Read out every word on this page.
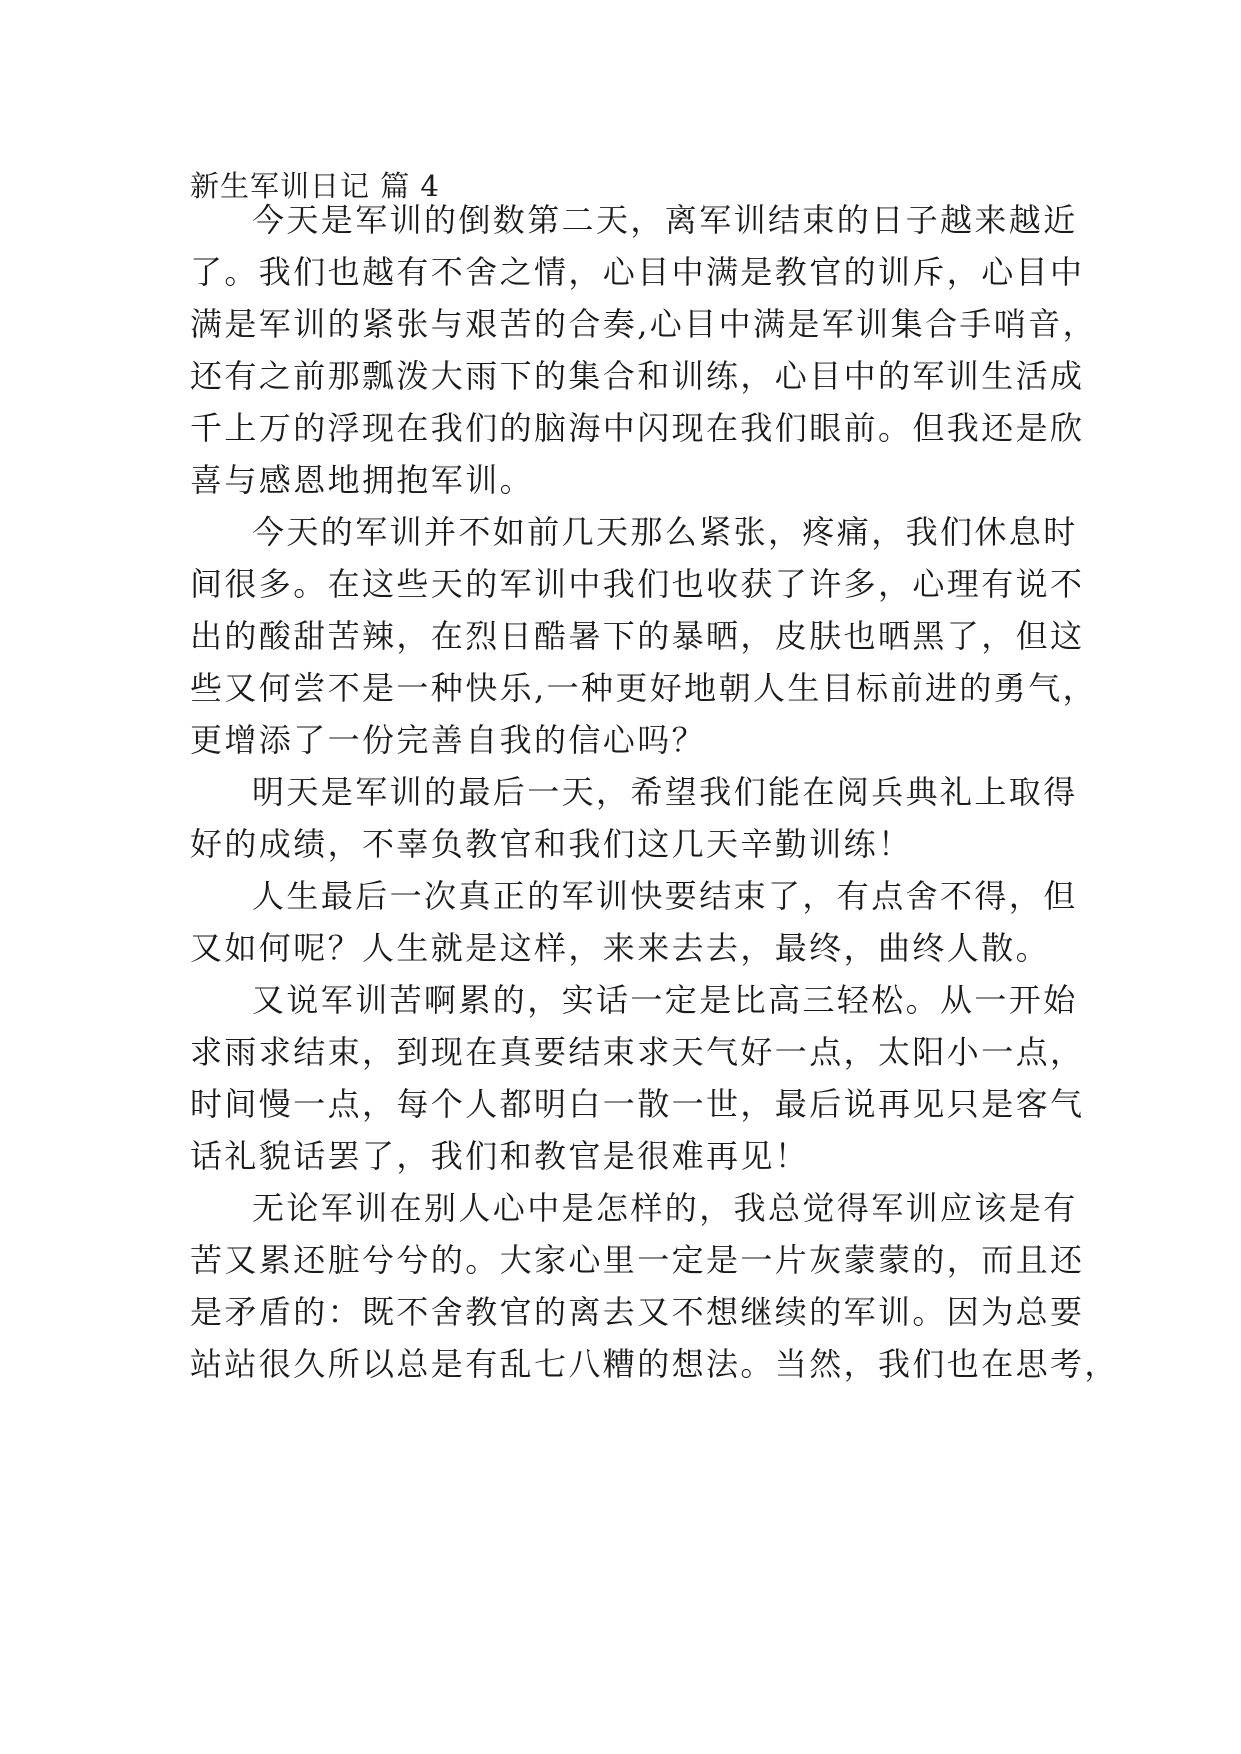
新生军训日记 篇 4
今天是军训的倒数第二天，离军训结束的日子越来越近
了。我们也越有不舍之情，心目中满是教官的训斥，心目中
满是军训的紧张与艰苦的合奏,心目中满是军训集合手哨音，
还有之前那瓢泼大雨下的集合和训练，心目中的军训生活成
千上万的浮现在我们的脑海中闪现在我们眼前。但我还是欣
喜与感恩地拥抱军训。
今天的军训并不如前几天那么紧张，疼痛，我们休息时
间很多。在这些天的军训中我们也收获了许多，心理有说不
出的酸甜苦辣，在烈日酷暑下的暴晒，皮肤也晒黑了，但这
些又何尝不是一种快乐,一种更好地朝人生目标前进的勇气，
更增添了一份完善自我的信心吗？
明天是军训的最后一天，希望我们能在阅兵典礼上取得
好的成绩，不辜负教官和我们这几天辛勤训练！
人生最后一次真正的军训快要结束了，有点舍不得，但
又如何呢？人生就是这样，来来去去，最终，曲终人散。
又说军训苦啊累的，实话一定是比高三轻松。从一开始
求雨求结束，到现在真要结束求天气好一点，太阳小一点，
时间慢一点，每个人都明白一散一世，最后说再见只是客气
话礼貌话罢了，我们和教官是很难再见！
无论军训在别人心中是怎样的，我总觉得军训应该是有
苦又累还脏兮兮的。大家心里一定是一片灰蒙蒙的，而且还
是矛盾的：既不舍教官的离去又不想继续的军训。因为总要
站站很久所以总是有乱七八糟的想法。当然，我们也在思考，
